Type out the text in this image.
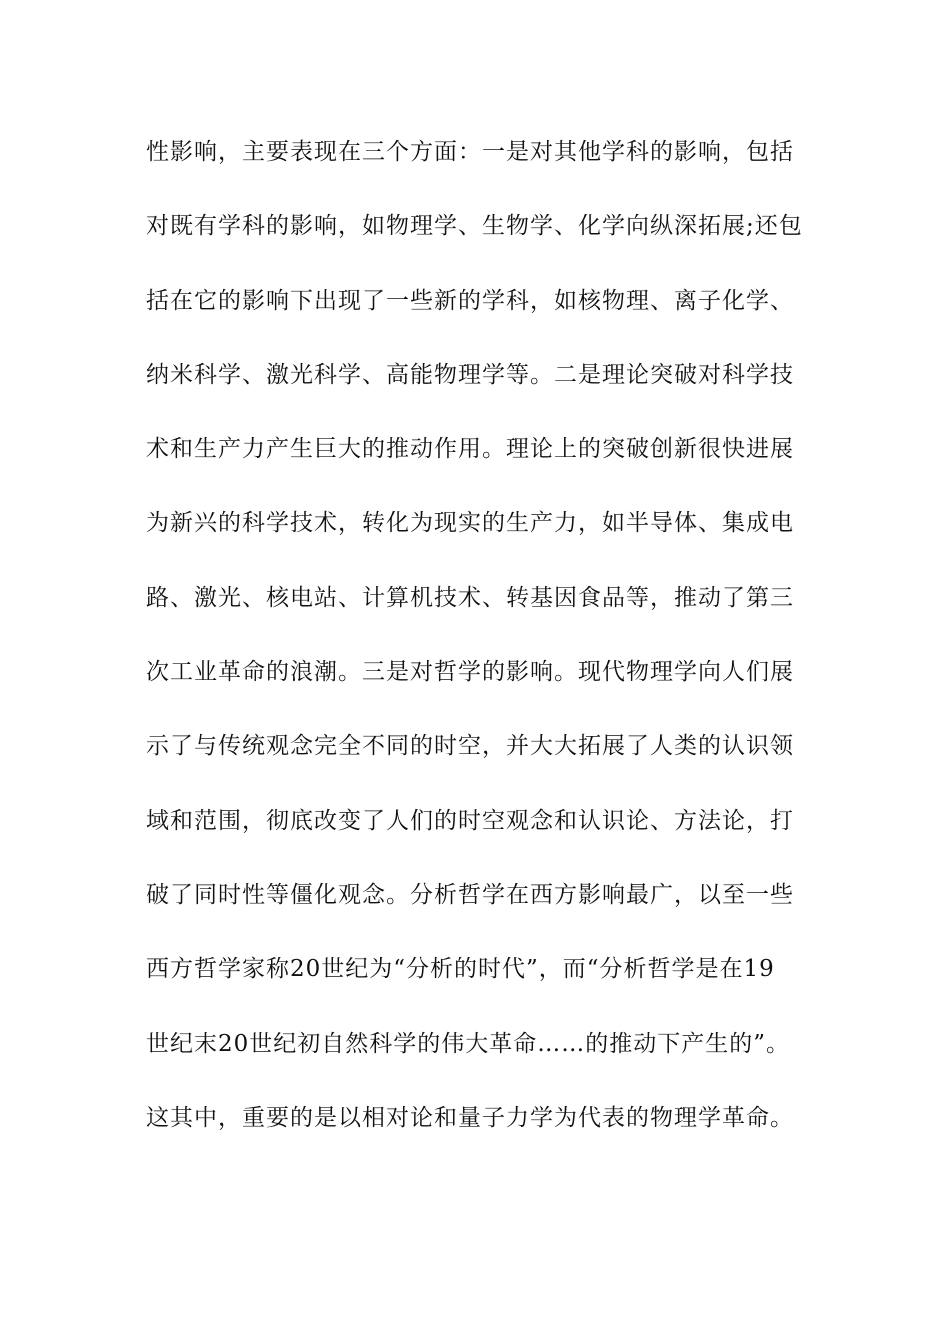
性影响，主要表现在三个方面：一是对其他学科的影响，包括
对既有学科的影响，如物理学、生物学、化学向纵深拓展;还包
括在它的影响下出现了一些新的学科，如核物理、离子化学、
纳米科学、激光科学、高能物理学等。二是理论突破对科学技
术和生产力产生巨大的推动作用。理论上的突破创新很快进展
为新兴的科学技术，转化为现实的生产力，如半导体、集成电
路、激光、核电站、计算机技术、转基因食品等，推动了第三
次工业革命的浪潮。三是对哲学的影响。现代物理学向人们展
示了与传统观念完全不同的时空，并大大拓展了人类的认识领
域和范围，彻底改变了人们的时空观念和认识论、方法论，打
破了同时性等僵化观念。分析哲学在西方影响最广，以至一些
西方哲学家称20世纪为“分析的时代”，而“分析哲学是在19
世纪末20世纪初自然科学的伟大革命……的推动下产生的”。
这其中，重要的是以相对论和量子力学为代表的物理学革命。
